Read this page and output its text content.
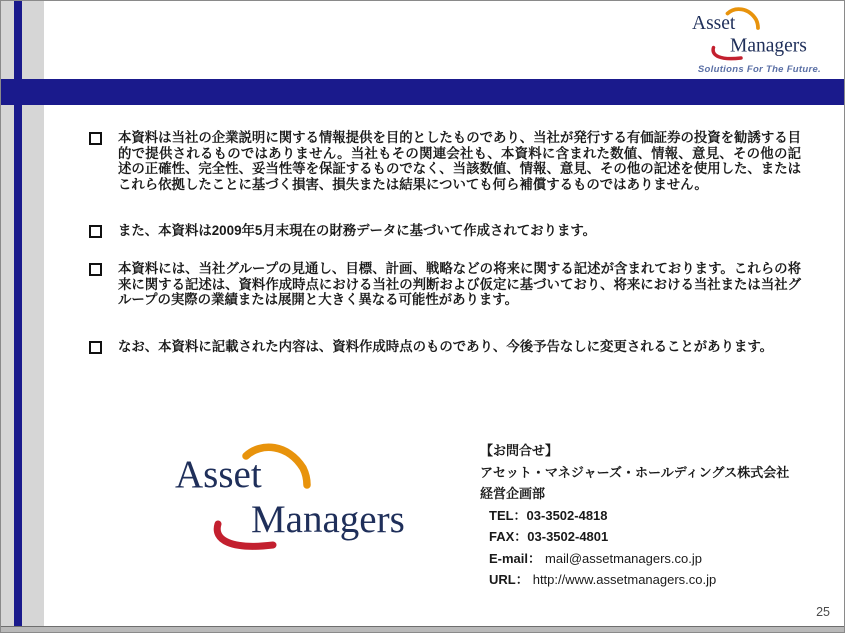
Asset
Managers
Solutions For The Future.
本資料は当社の企業説明に関する情報提供を目的としたものであり、当社が発行する有価証券の投資を勧誘する目的で提供されるものではありません。当社もその関連会社も、本資料に含まれた数値、情報、意見、その他の記述の正確性、完全性、妥当性等を保証するものでなく、当該数値、情報、意見、その他の記述を使用した、またはこれら依拠したことに基づく損害、損失または結果についても何ら補償するものではありません。
また、本資料は2009年5月末現在の財務データに基づいて作成されております。
本資料には、当社グループの見通し、目標、計画、戦略などの将来に関する記述が含まれております。これらの将来に関する記述は、資料作成時点における当社の判断および仮定に基づいており、将来における当社または当社グループの実際の業績または展開と大きく異なる可能性があります。
なお、本資料に記載された内容は、資料作成時点のものであり、今後予告なしに変更されることがあります。
Asset
Managers
【お問合せ】
アセット・マネジャーズ・ホールディングス株式会社
経営企画部
TEL：03-3502-4818
FAX：03-3502-4801
E-mail： mail@assetmanagers.co.jp
URL： http://www.assetmanagers.co.jp
25
